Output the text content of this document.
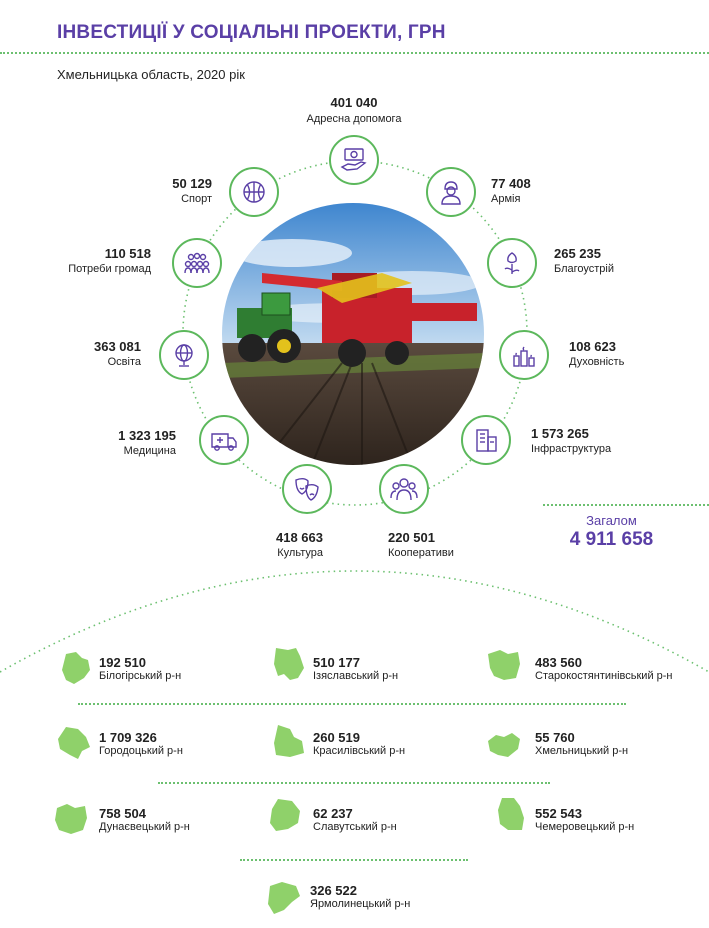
ІНВЕСТИЦІЇ У СОЦІАЛЬНІ ПРОЕКТИ, ГРН
Хмельницька область, 2020 рік
401 040
Адресна допомога
77 408
Армія
265 235
Благоустрій
108 623
Духовність
1 573 265
Інфраструктура
220 501
Кооперативи
418 663
Культура
1 323 195
Медицина
363 081
Освіта
110 518
Потреби громад
50 129
Спорт
Загалом
4 911 658
192 510
Білогірський р-н
510 177
Ізяславський р-н
483 560
Старокостянтинівський р-н
1 709 326
Городоцький р-н
260 519
Красилівський р-н
55 760
Хмельницький р-н
758 504
Дунаєвецький р-н
62 237
Славутський р-н
552 543
Чемеровецький р-н
326 522
Ярмолинецький р-н
